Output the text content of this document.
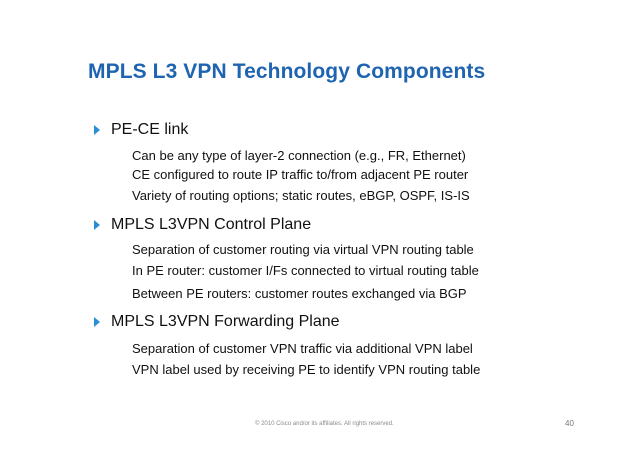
MPLS L3 VPN Technology Components
PE-CE link
Can be any type of layer-2 connection (e.g., FR, Ethernet)
CE configured to route IP traffic to/from adjacent PE router
Variety of routing options; static routes, eBGP, OSPF, IS-IS
MPLS L3VPN Control Plane
Separation of customer routing via virtual VPN routing table
In PE router: customer I/Fs connected to virtual routing table
Between PE routers: customer routes exchanged via BGP
MPLS L3VPN Forwarding Plane
Separation of customer VPN traffic via additional VPN label
VPN label used by receiving PE to identify VPN routing table
© 2010 Cisco and/or its affiliates. All rights reserved.	40
